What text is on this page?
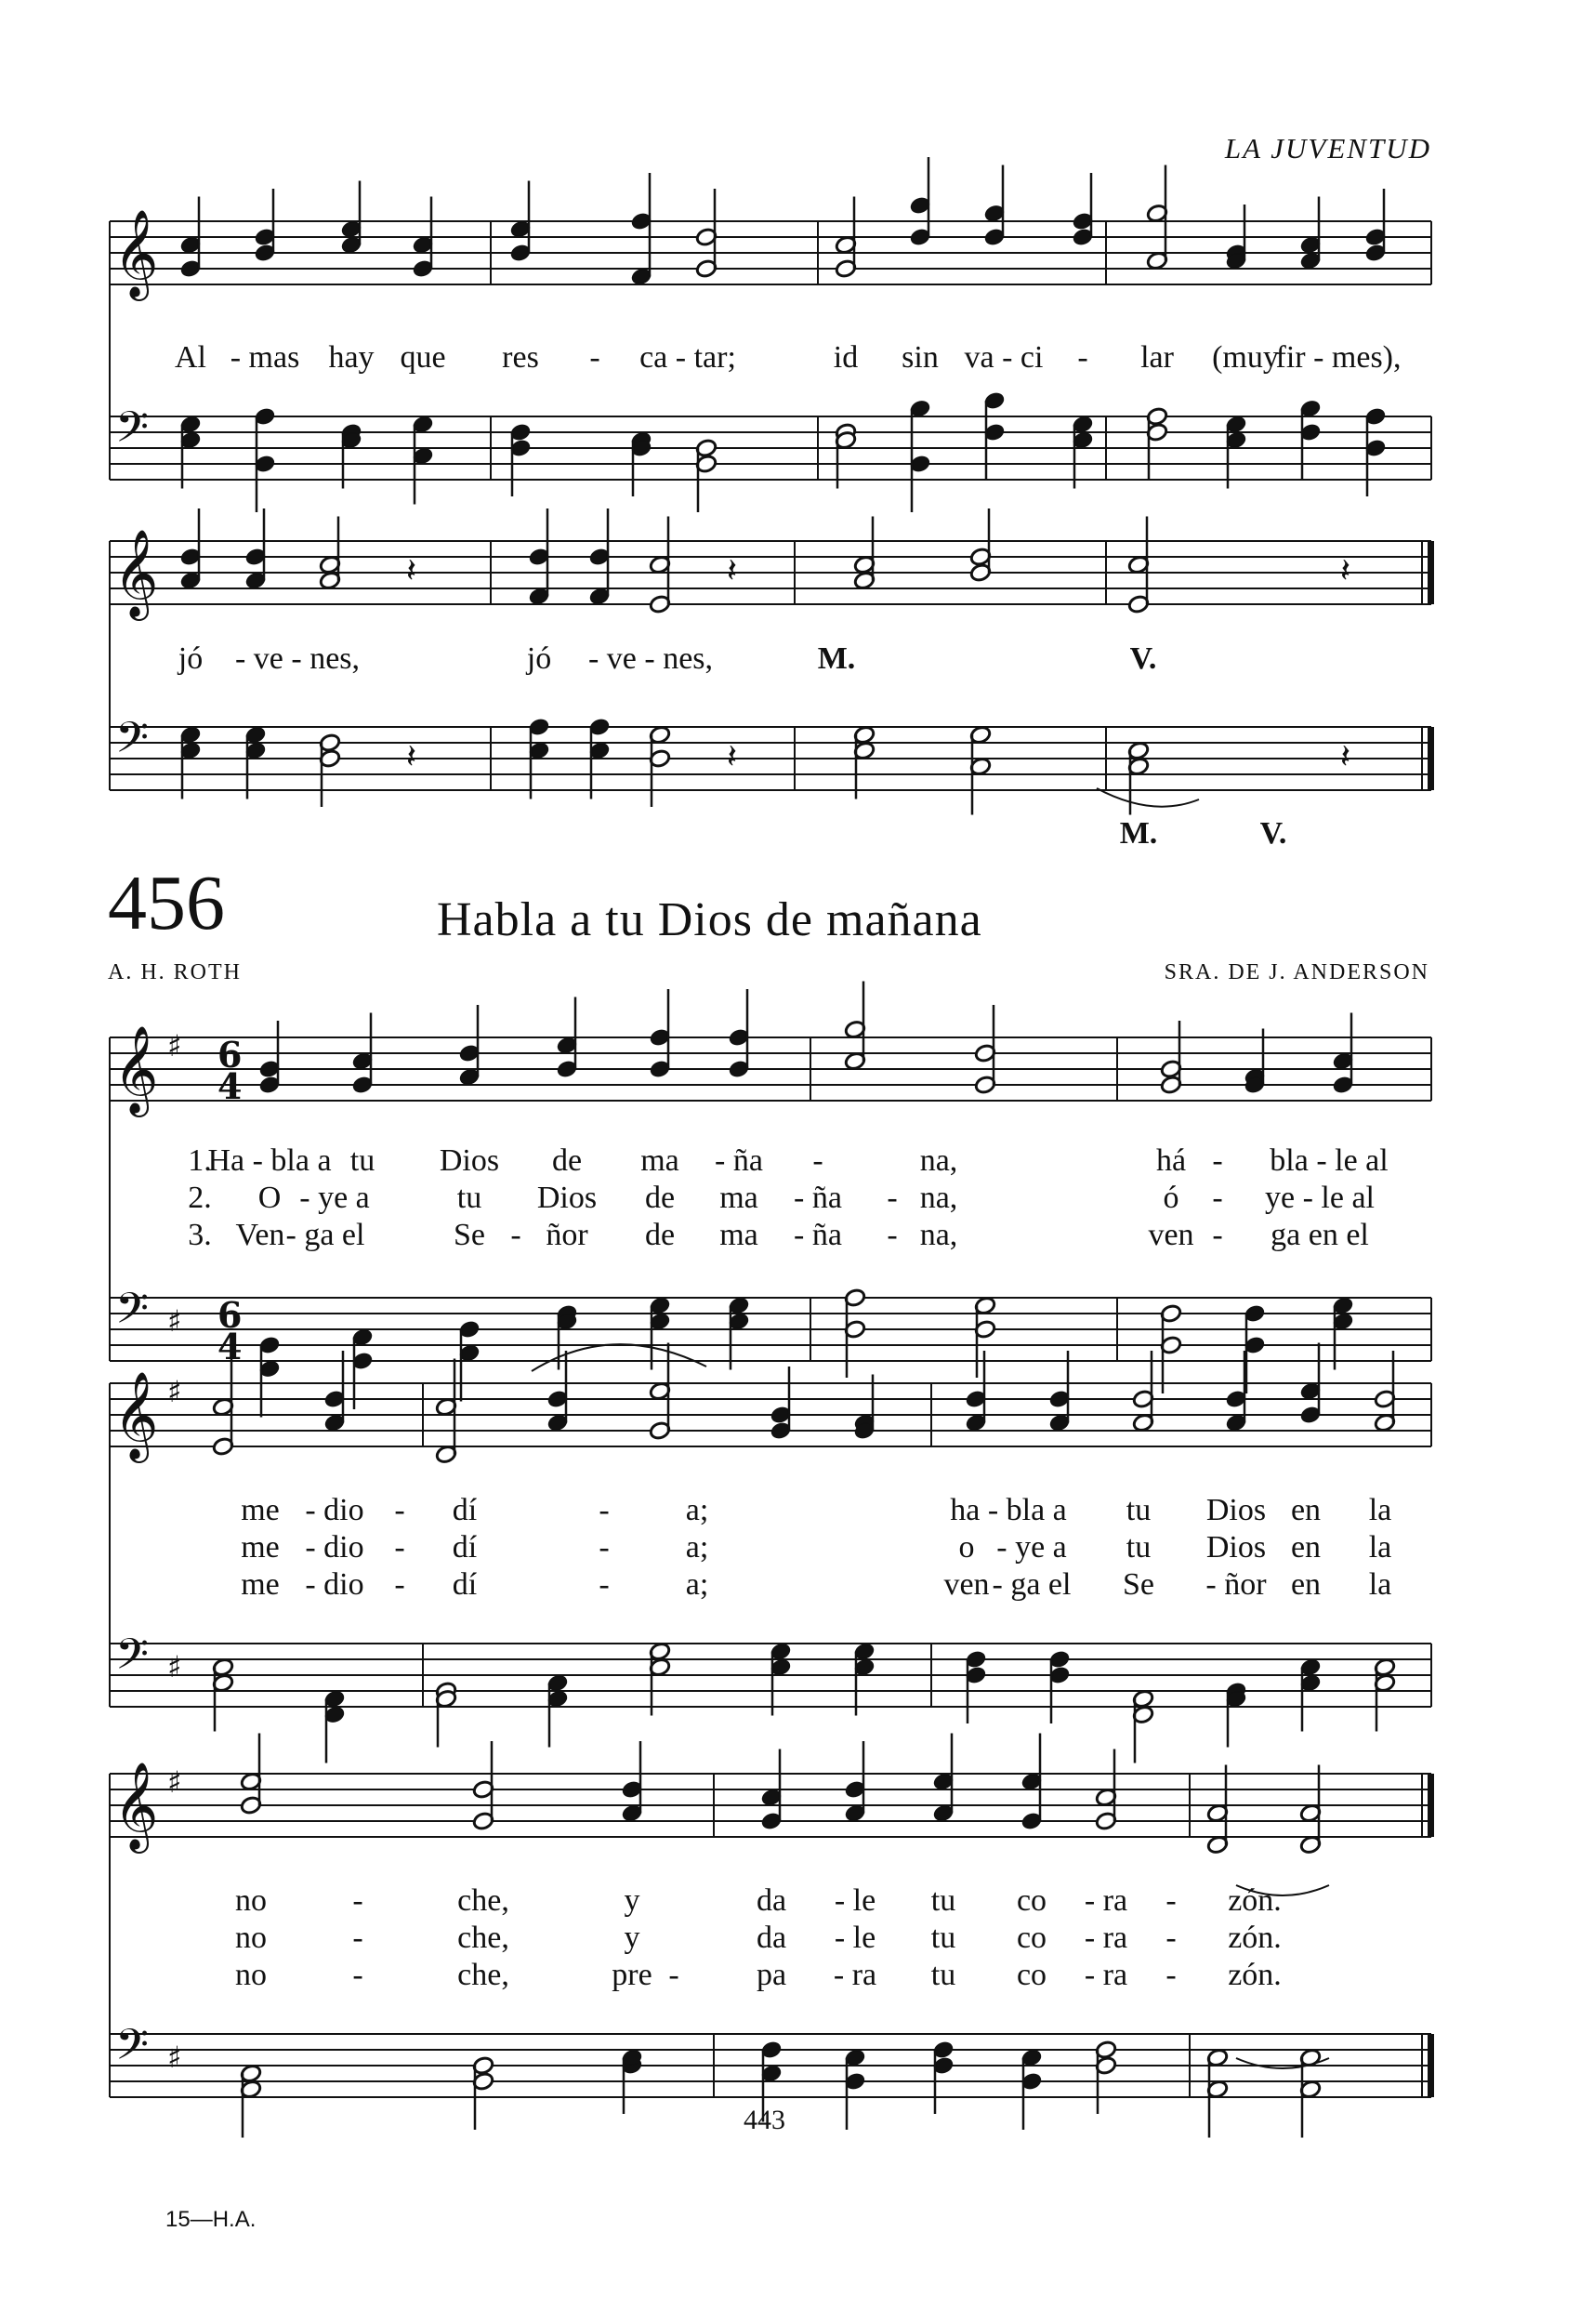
𝄞
𝄢
𝄞
𝄢
𝄞
𝄢
♯
♯
6
4
6
4
𝄞
𝄢
♯
♯
𝄞
𝄢
♯
♯
𝄽
𝄽
𝄽
𝄽
𝄽
𝄽
LA JUVENTUD
456	Habla a tu Dios de mañana
A. H. ROTH	SRA. DE J. ANDERSON
443
15—H.A.
Al - mas hay que res - ca - tar;	id sin va - ci - lar (muy
fir - mes),
jó - ve - nes,	jó - ve - nes,	M.	V.
M.	V.
1.
Ha - bla a tu Dios de ma - ña -	na,	há - bla - le al
me - dio - dí	- a;	ha - bla a tu Dios en la
no	-	che,	y	da - le tu co - ra - zón.
2. O - ye a	tu Dios de ma - ña - na,	ó - ye - le al
me - dio - dí	- a;	o - ye a tu Dios en la
no	-	che,	y	da - le tu co - ra - zón.
3. Ven - ga el	Se - ñor de ma - ña - na,	ven - ga en el
me - dio - dí	- a;	ven - ga el Se - ñor en la
no	-	che,	pre - pa - ra tu co - ra - zón.
